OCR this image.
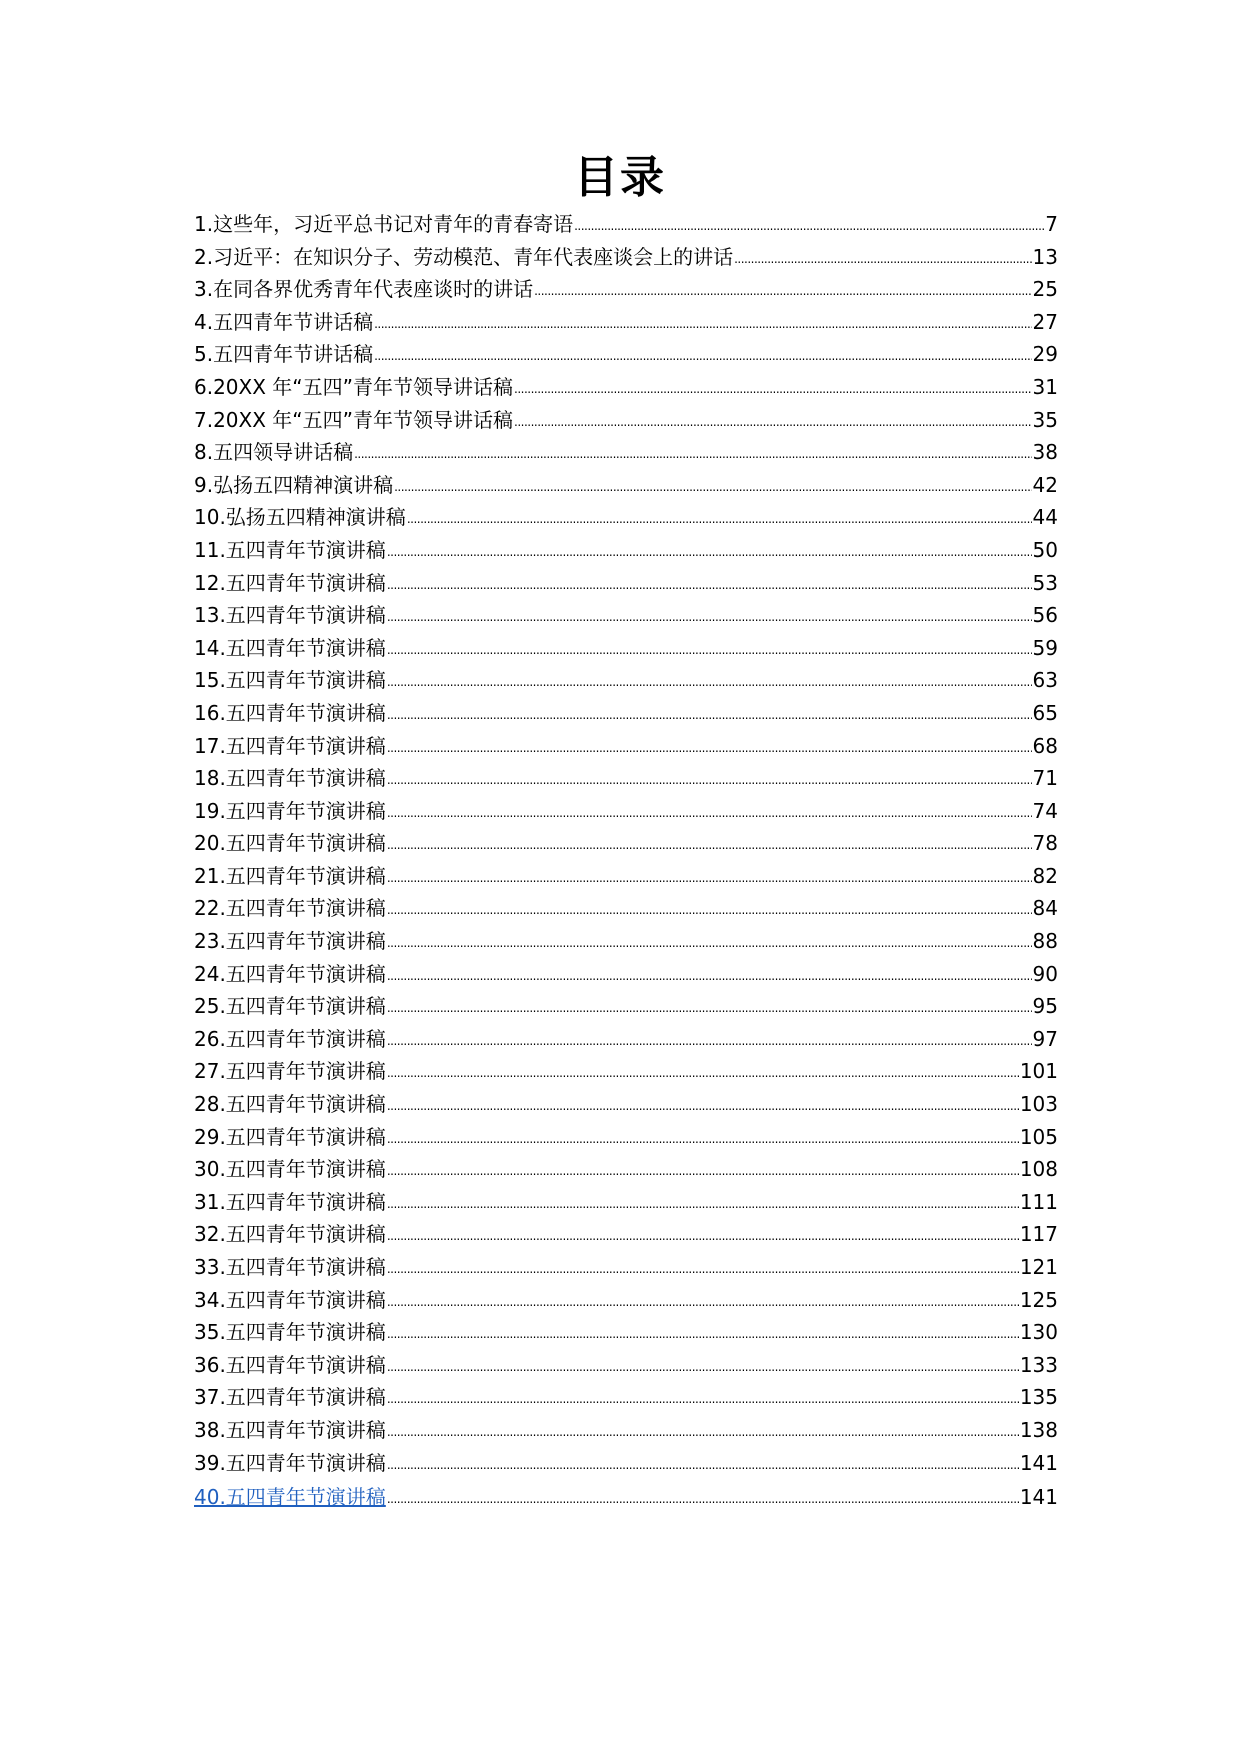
目录
1.这些年，习近平总书记对青年的青春寄语 .....	7
2.习近平：在知识分子、劳动模范、青年代表座谈会上的讲话 .....	13
3.在同各界优秀青年代表座谈时的讲话 .....	25
4.五四青年节讲话稿 .....	27
5.五四青年节讲话稿 .....	29
6.20XX 年“五四”青年节领导讲话稿 .....	31
7.20XX 年“五四”青年节领导讲话稿 .....	35
8.五四领导讲话稿 .....	38
9.弘扬五四精神演讲稿 .....	42
10.弘扬五四精神演讲稿 .....	44
11.五四青年节演讲稿 .....	50
12.五四青年节演讲稿 .....	53
13.五四青年节演讲稿 .....	56
14.五四青年节演讲稿 .....	59
15.五四青年节演讲稿 .....	63
16.五四青年节演讲稿 .....	65
17.五四青年节演讲稿 .....	68
18.五四青年节演讲稿 .....	71
19.五四青年节演讲稿 .....	74
20.五四青年节演讲稿 .....	78
21.五四青年节演讲稿 .....	82
22.五四青年节演讲稿 .....	84
23.五四青年节演讲稿 .....	88
24.五四青年节演讲稿 .....	90
25.五四青年节演讲稿 .....	95
26.五四青年节演讲稿 .....	97
27.五四青年节演讲稿 .....	101
28.五四青年节演讲稿 .....	103
29.五四青年节演讲稿 .....	105
30.五四青年节演讲稿 .....	108
31.五四青年节演讲稿 .....	111
32.五四青年节演讲稿 .....	117
33.五四青年节演讲稿 .....	121
34.五四青年节演讲稿 .....	125
35.五四青年节演讲稿 .....	130
36.五四青年节演讲稿 .....	133
37.五四青年节演讲稿 .....	135
38.五四青年节演讲稿 .....	138
39.五四青年节演讲稿 .....	141
40.五四青年节演讲稿 .....	141
